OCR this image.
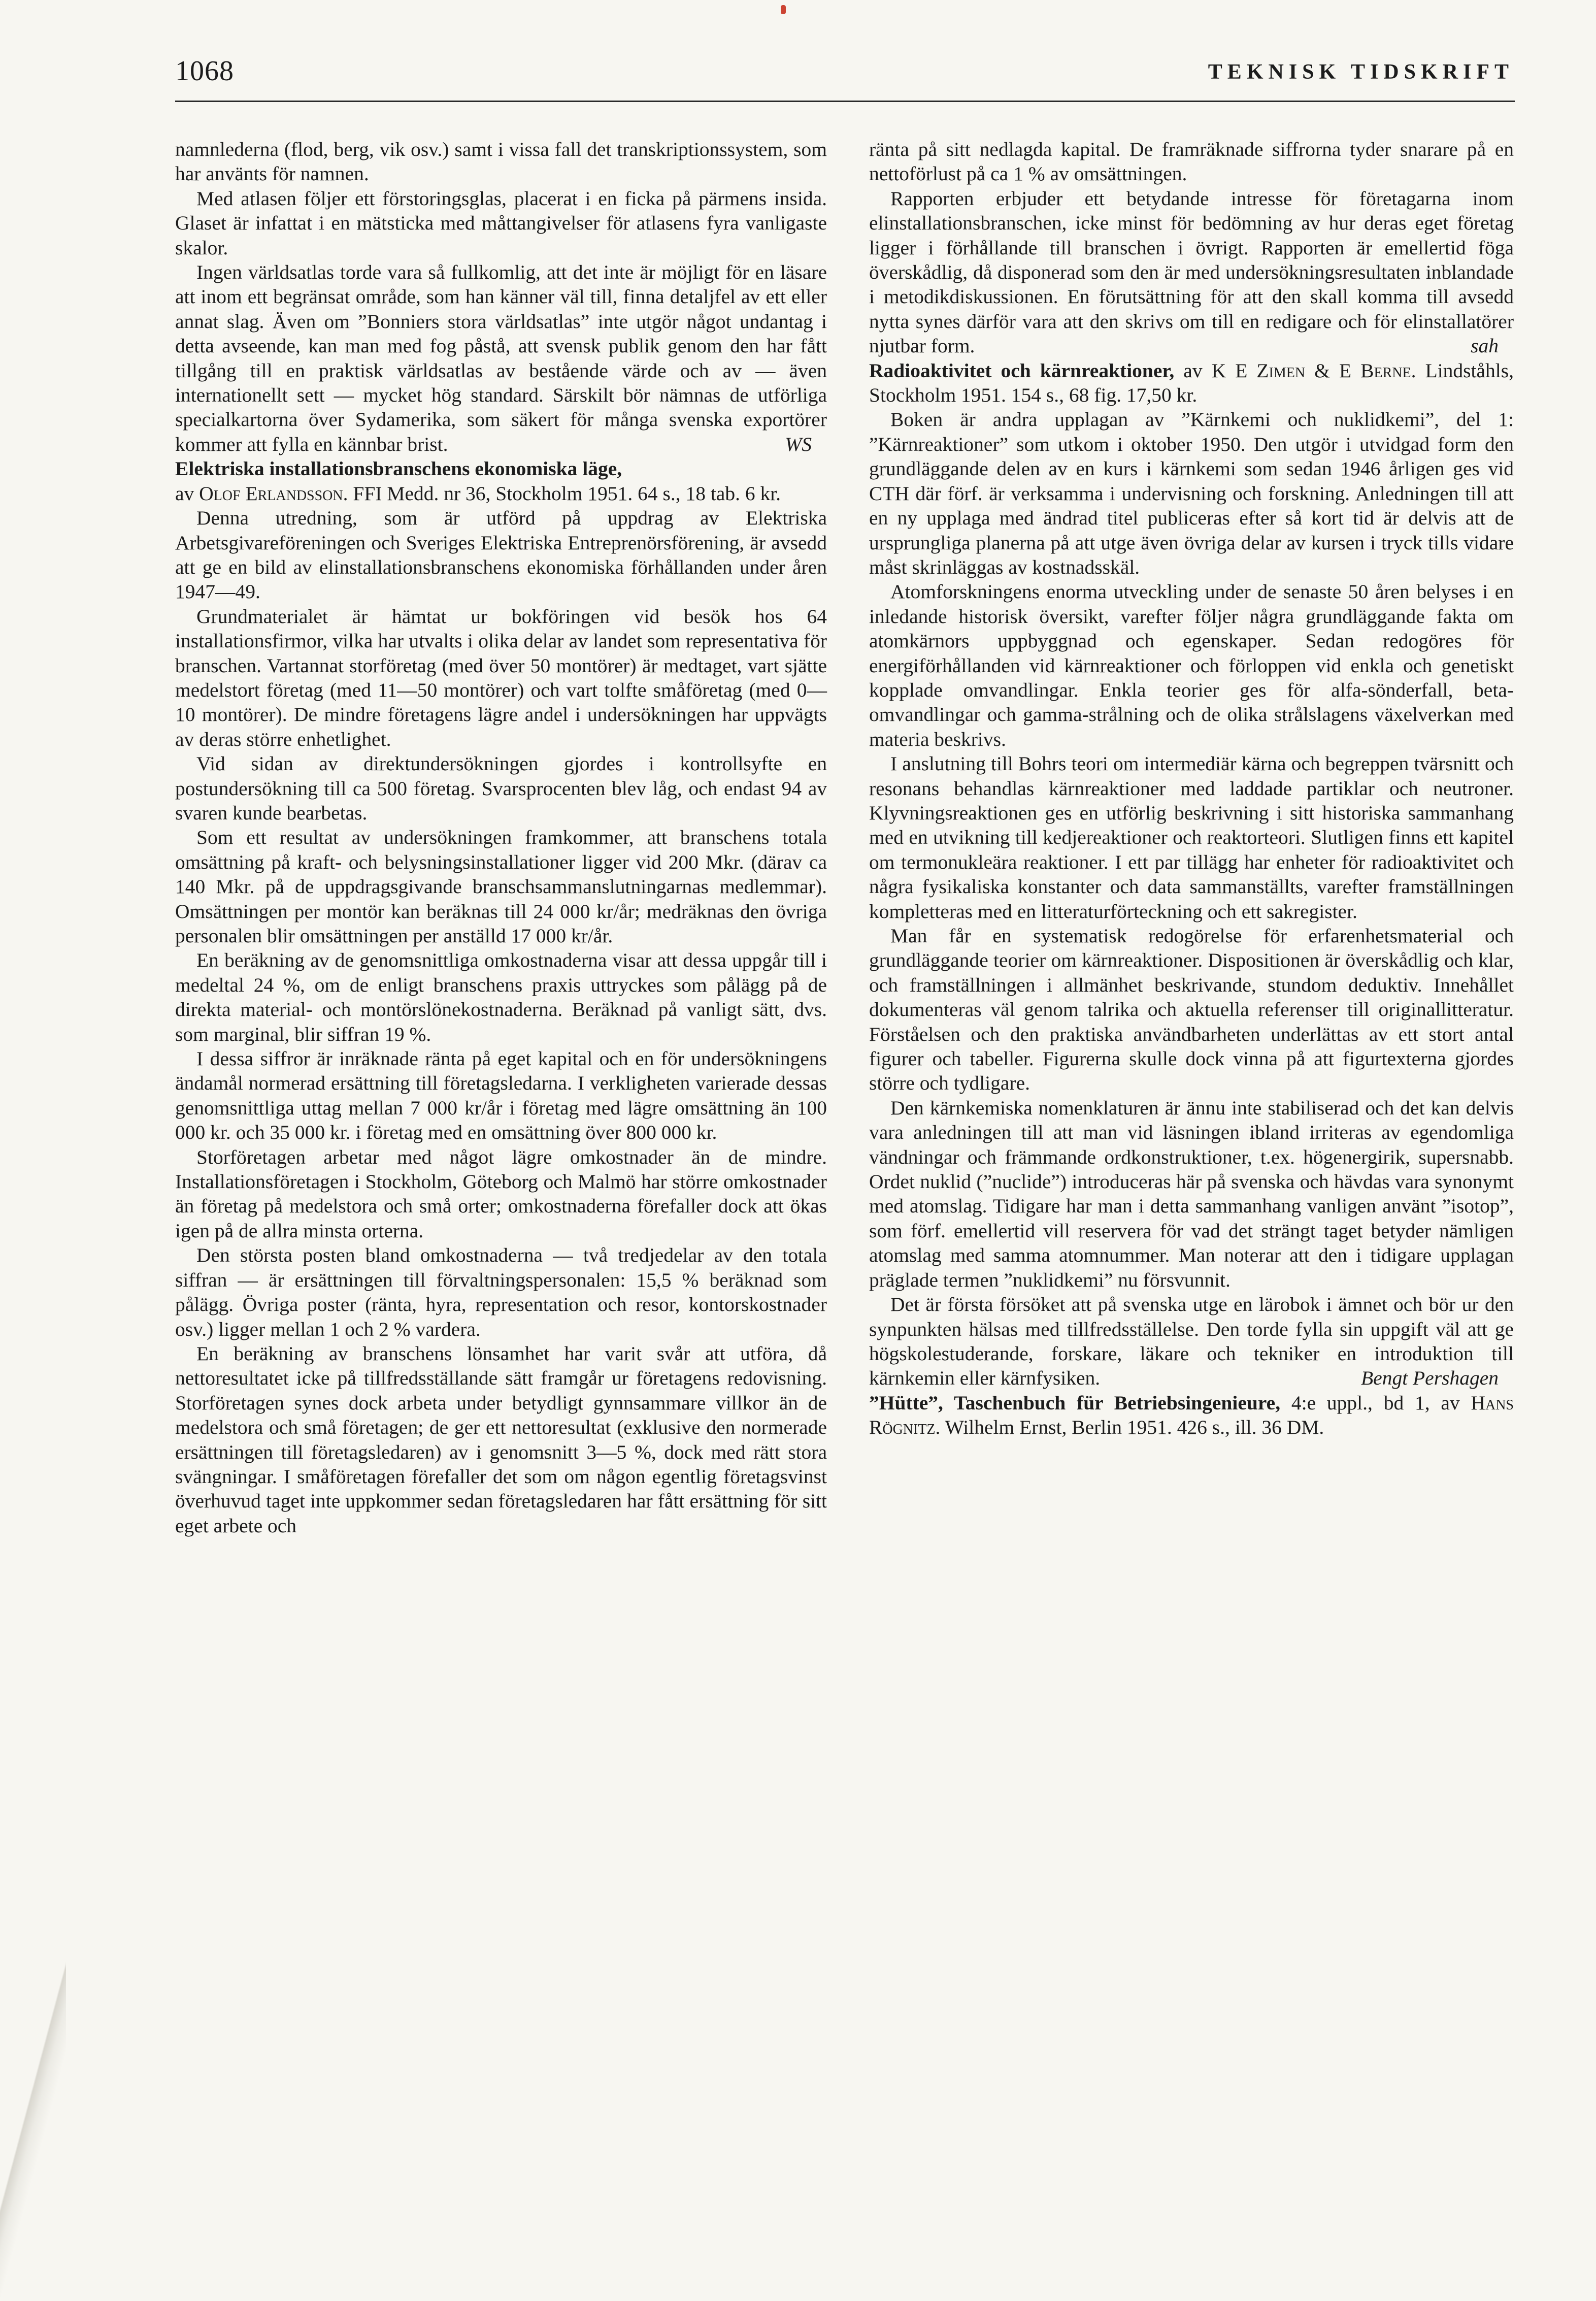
1068	TEKNISK TIDSKRIFT

namnlederna (flod, berg, vik osv.) samt i vissa fall det transkriptionssystem, som har använts för namnen.

Med atlasen följer ett förstoringsglas, placerat i en ficka på pärmens insida. Glaset är infattat i en mätsticka med måttangivelser för atlasens fyra vanligaste skalor.

Ingen världsatlas torde vara så fullkomlig, att det inte är möjligt för en läsare att inom ett begränsat område, som han känner väl till, finna detaljfel av ett eller annat slag. Även om ”Bonniers stora världsatlas” inte utgör något undantag i detta avseende, kan man med fog påstå, att svensk publik genom den har fått tillgång till en praktisk världsatlas av bestående värde och av — även internationellt sett — mycket hög standard. Särskilt bör nämnas de utförliga specialkartorna över Sydamerika, som säkert för många svenska exportörer kommer att fylla en kännbar brist.	WS

Elektriska installationsbranschens ekonomiska läge,
av Olof Erlandsson. FFI Medd. nr 36, Stockholm 1951. 64 s., 18 tab. 6 kr.

Denna utredning, som är utförd på uppdrag av Elektriska Arbetsgivareföreningen och Sveriges Elektriska Entreprenörsförening, är avsedd att ge en bild av elinstallationsbranschens ekonomiska förhållanden under åren 1947—49.

Grundmaterialet är hämtat ur bokföringen vid besök hos 64 installationsfirmor, vilka har utvalts i olika delar av landet som representativa för branschen. Vartannat storföretag (med över 50 montörer) är medtaget, vart sjätte medelstort företag (med 11—50 montörer) och vart tolfte småföretag (med 0—10 montörer). De mindre företagens lägre andel i undersökningen har uppvägts av deras större enhetlighet.

Vid sidan av direktundersökningen gjordes i kontrollsyfte en postundersökning till ca 500 företag. Svarsprocenten blev låg, och endast 94 av svaren kunde bearbetas.

Som ett resultat av undersökningen framkommer, att branschens totala omsättning på kraft- och belysningsinstallationer ligger vid 200 Mkr. (därav ca 140 Mkr. på de uppdragsgivande branschsammanslutningarnas medlemmar). Omsättningen per montör kan beräknas till 24 000 kr/år; medräknas den övriga personalen blir omsättningen per anställd 17 000 kr/år.

En beräkning av de genomsnittliga omkostnaderna visar att dessa uppgår till i medeltal 24 %, om de enligt branschens praxis uttryckes som pålägg på de direkta material- och montörslönekostnaderna. Beräknad på vanligt sätt, dvs. som marginal, blir siffran 19 %.

I dessa siffror är inräknade ränta på eget kapital och en för undersökningens ändamål normerad ersättning till företagsledarna. I verkligheten varierade dessas genomsnittliga uttag mellan 7 000 kr/år i företag med lägre omsättning än 100 000 kr. och 35 000 kr. i företag med en omsättning över 800 000 kr.

Storföretagen arbetar med något lägre omkostnader än de mindre. Installationsföretagen i Stockholm, Göteborg och Malmö har större omkostnader än företag på medelstora och små orter; omkostnaderna förefaller dock att ökas igen på de allra minsta orterna.

Den största posten bland omkostnaderna — två tredjedelar av den totala siffran — är ersättningen till förvaltningspersonalen: 15,5 % beräknad som pålägg. Övriga poster (ränta, hyra, representation och resor, kontorskostnader osv.) ligger mellan 1 och 2 % vardera.

En beräkning av branschens lönsamhet har varit svår att utföra, då nettoresultatet icke på tillfredsställande sätt framgår ur företagens redovisning. Storföretagen synes dock arbeta under betydligt gynnsammare villkor än de medelstora och små företagen; de ger ett nettoresultat (exklusive den normerade ersättningen till företagsledaren) av i genomsnitt 3—5 %, dock med rätt stora svängningar. I småföretagen förefaller det som om någon egentlig företagsvinst överhuvud taget inte uppkommer sedan företagsledaren har fått ersättning för sitt eget arbete och

ränta på sitt nedlagda kapital. De framräknade siffrorna tyder snarare på en nettoförlust på ca 1 % av omsättningen.

Rapporten erbjuder ett betydande intresse för företagarna inom elinstallationsbranschen, icke minst för bedömning av hur deras eget företag ligger i förhållande till branschen i övrigt. Rapporten är emellertid föga överskådlig, då disponerad som den är med undersökningsresultaten inblandade i metodikdiskussionen. En förutsättning för att den skall komma till avsedd nytta synes därför vara att den skrivs om till en redigare och för elinstallatörer njutbar form.	sah

Radioaktivitet och kärnreaktioner, av K E Zimen & E Berne. Lindståhls, Stockholm 1951. 154 s., 68 fig. 17,50 kr.

Boken är andra upplagan av ”Kärnkemi och nuklidkemi”, del 1: ”Kärnreaktioner” som utkom i oktober 1950. Den utgör i utvidgad form den grundläggande delen av en kurs i kärnkemi som sedan 1946 årligen ges vid CTH där förf. är verksamma i undervisning och forskning. Anledningen till att en ny upplaga med ändrad titel publiceras efter så kort tid är delvis att de ursprungliga planerna på att utge även övriga delar av kursen i tryck tills vidare måst skrinläggas av kostnadsskäl.

Atomforskningens enorma utveckling under de senaste 50 åren belyses i en inledande historisk översikt, varefter följer några grundläggande fakta om atomkärnors uppbyggnad och egenskaper. Sedan redogöres för energiförhållanden vid kärnreaktioner och förloppen vid enkla och genetiskt kopplade omvandlingar. Enkla teorier ges för alfa-sönderfall, beta-omvandlingar och gamma-strålning och de olika strålslagens växelverkan med materia beskrivs.

I anslutning till Bohrs teori om intermediär kärna och begreppen tvärsnitt och resonans behandlas kärnreaktioner med laddade partiklar och neutroner. Klyvningsreaktionen ges en utförlig beskrivning i sitt historiska sammanhang med en utvikning till kedjereaktioner och reaktorteori. Slutligen finns ett kapitel om termonukleära reaktioner. I ett par tillägg har enheter för radioaktivitet och några fysikaliska konstanter och data sammanställts, varefter framställningen kompletteras med en litteraturförteckning och ett sakregister.

Man får en systematisk redogörelse för erfarenhetsmaterial och grundläggande teorier om kärnreaktioner. Dispositionen är överskådlig och klar, och framställningen i allmänhet beskrivande, stundom deduktiv. Innehållet dokumenteras väl genom talrika och aktuella referenser till originallitteratur. Förståelsen och den praktiska användbarheten underlättas av ett stort antal figurer och tabeller. Figurerna skulle dock vinna på att figurtexterna gjordes större och tydligare.

Den kärnkemiska nomenklaturen är ännu inte stabiliserad och det kan delvis vara anledningen till att man vid läsningen ibland irriteras av egendomliga vändningar och främmande ordkonstruktioner, t.ex. högenergirik, supersnabb. Ordet nuklid (”nuclide”) introduceras här på svenska och hävdas vara synonymt med atomslag. Tidigare har man i detta sammanhang vanligen använt ”isotop”, som förf. emellertid vill reservera för vad det strängt taget betyder nämligen atomslag med samma atomnummer. Man noterar att den i tidigare upplagan präglade termen ”nuklidkemi” nu försvunnit.

Det är första försöket att på svenska utge en lärobok i ämnet och bör ur den synpunkten hälsas med tillfredsställelse. Den torde fylla sin uppgift väl att ge högskolestuderande, forskare, läkare och tekniker en introduktion till kärnkemin eller kärnfysiken.	Bengt Pershagen

”Hütte”, Taschenbuch für Betriebsingenieure, 4:e uppl., bd 1, av Hans Rögnitz. Wilhelm Ernst, Berlin 1951. 426 s., ill. 36 DM.
